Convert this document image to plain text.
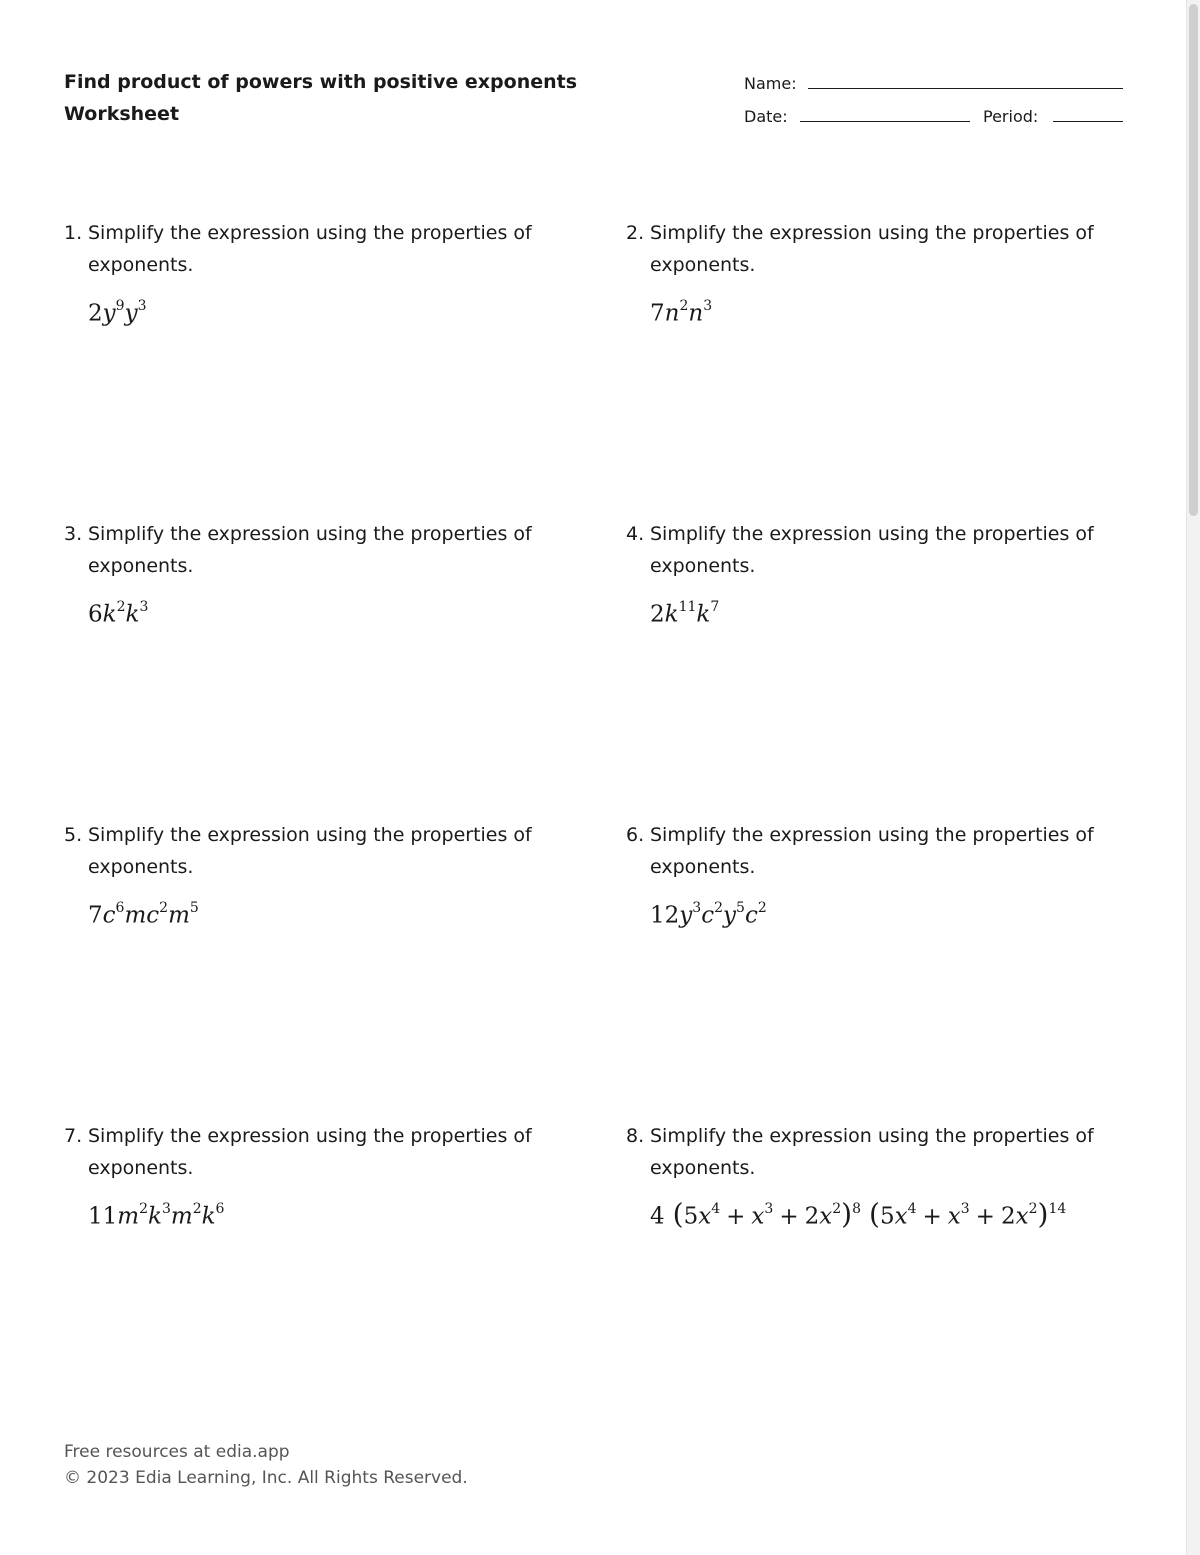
Find product of powers with positive exponents
Worksheet
Name:
Date:	Period:
1. Simplify the expression using the properties of exponents.
$2y^9y^3$
2. Simplify the expression using the properties of exponents.
$7n^2n^3$
3. Simplify the expression using the properties of exponents.
$6k^2k^3$
4. Simplify the expression using the properties of exponents.
$2k^{11}k^7$
5. Simplify the expression using the properties of exponents.
$7c^6mc^2m^5$
6. Simplify the expression using the properties of exponents.
$12y^3c^2y^5c^2$
7. Simplify the expression using the properties of exponents.
$11m^2k^3m^2k^6$
8. Simplify the expression using the properties of exponents.
4 $(5x^4 + x^3 + 2x^2)^8$ $(5x^4 + x^3 + 2x^2)^{14}$
Free resources at edia.app
© 2023 Edia Learning, Inc. All Rights Reserved.
